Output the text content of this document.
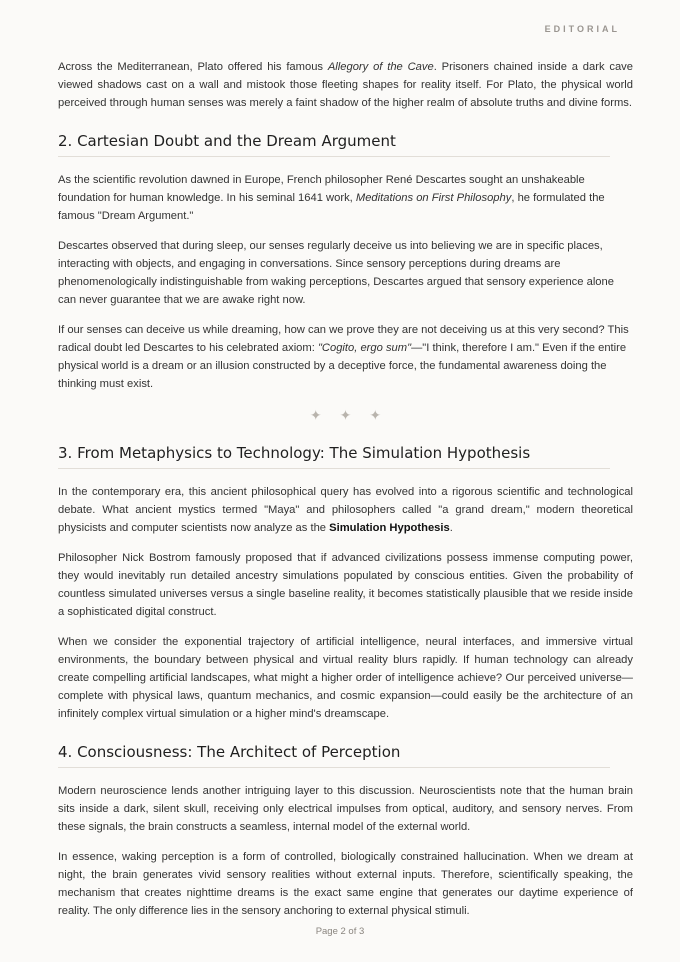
EDITORIAL

Across the Mediterranean, Plato offered his famous Allegory of the Cave. Prisoners chained inside a dark cave viewed shadows cast on a wall and mistook those fleeting shapes for reality itself. For Plato, the physical world perceived through human senses was merely a faint shadow of the higher realm of absolute truths and divine forms.

2. Cartesian Doubt and the Dream Argument

As the scientific revolution dawned in Europe, French philosopher René Descartes sought an unshakeable foundation for human knowledge. In his seminal 1641 work, Meditations on First Philosophy, he formulated the famous "Dream Argument."

Descartes observed that during sleep, our senses regularly deceive us into believing we are in specific places, interacting with objects, and engaging in conversations. Since sensory perceptions during dreams are phenomenologically indistinguishable from waking perceptions, Descartes argued that sensory experience alone can never guarantee that we are awake right now.

If our senses can deceive us while dreaming, how can we prove they are not deceiving us at this very second? This radical doubt led Descartes to his celebrated axiom: "Cogito, ergo sum"—"I think, therefore I am." Even if the entire physical world is a dream or an illusion constructed by a deceptive force, the fundamental awareness doing the thinking must exist.

✦✦✦
3. From Metaphysics to Technology: The Simulation Hypothesis

In the contemporary era, this ancient philosophical query has evolved into a rigorous scientific and technological debate. What ancient mystics termed "Maya" and philosophers called "a grand dream," modern theoretical physicists and computer scientists now analyze as the Simulation Hypothesis.

Philosopher Nick Bostrom famously proposed that if advanced civilizations possess immense computing power, they would inevitably run detailed ancestry simulations populated by conscious entities. Given the probability of countless simulated universes versus a single baseline reality, it becomes statistically plausible that we reside inside a sophisticated digital construct.

When we consider the exponential trajectory of artificial intelligence, neural interfaces, and immersive virtual environments, the boundary between physical and virtual reality blurs rapidly. If human technology can already create compelling artificial landscapes, what might a higher order of intelligence achieve? Our perceived universe—complete with physical laws, quantum mechanics, and cosmic expansion—could easily be the architecture of an infinitely complex virtual simulation or a higher mind's dreamscape.

4. Consciousness: The Architect of Perception

Modern neuroscience lends another intriguing layer to this discussion. Neuroscientists note that the human brain sits inside a dark, silent skull, receiving only electrical impulses from optical, auditory, and sensory nerves. From these signals, the brain constructs a seamless, internal model of the external world.

In essence, waking perception is a form of controlled, biologically constrained hallucination. When we dream at night, the brain generates vivid sensory realities without external inputs. Therefore, scientifically speaking, the mechanism that creates nighttime dreams is the exact same engine that generates our daytime experience of reality. The only difference lies in the sensory anchoring to external physical stimuli.

Page 2 of 3
